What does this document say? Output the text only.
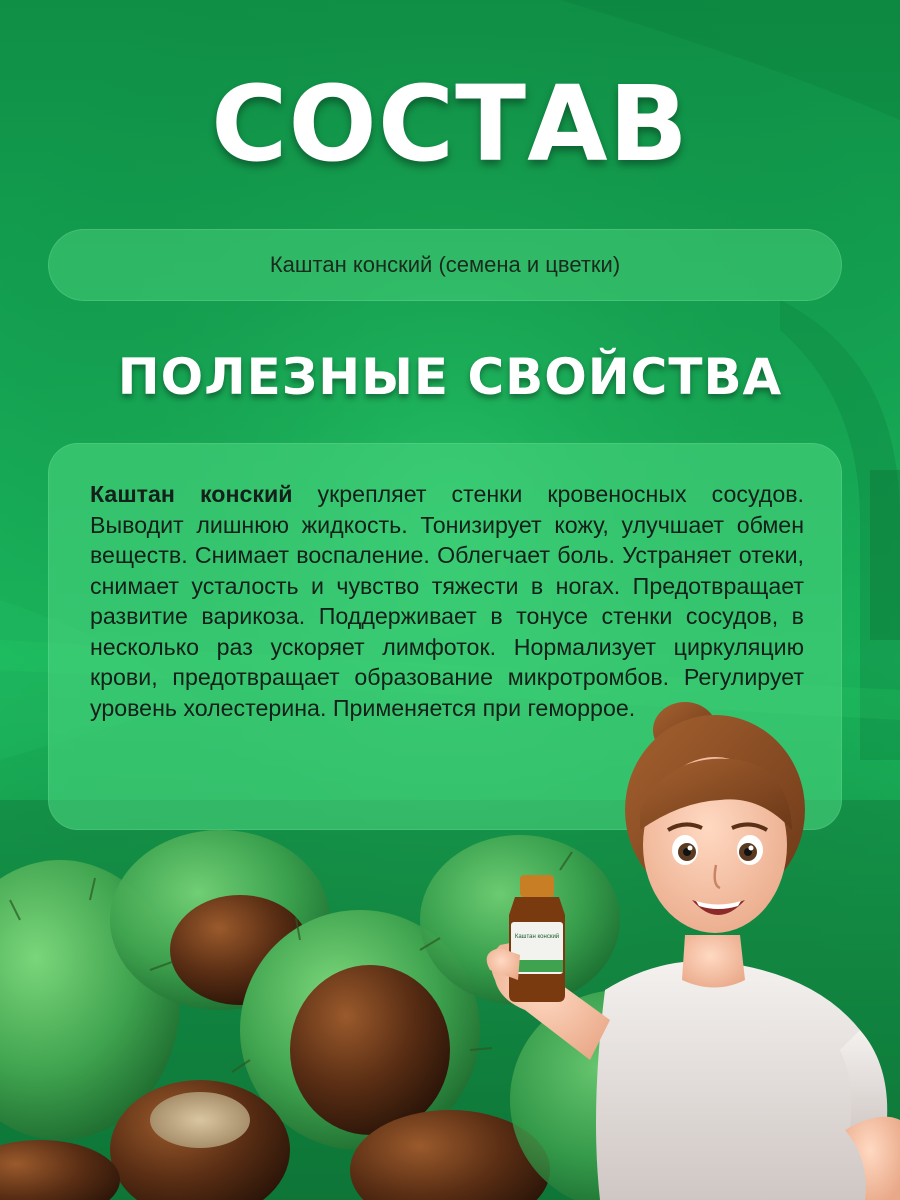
СОСТАВ
Каштан конский (семена и цветки)
ПОЛЕЗНЫЕ СВОЙСТВА

Каштан конский укрепляет стенки кровеносных сосудов. Выводит лишнюю жидкость. Тонизирует кожу, улучшает обмен веществ. Снимает воспаление. Облегчает боль. Устраняет отеки, снимает усталость и чувство тяжести в ногах. Предотвращает развитие варикоза. Поддерживает в тонусе стенки сосудов, в несколько раз ускоряет лимфоток. Нормализует циркуляцию крови, предотвращает образование микротромбов. Регулирует уровень холестерина. Применяется при геморрое.

Каштан конский
